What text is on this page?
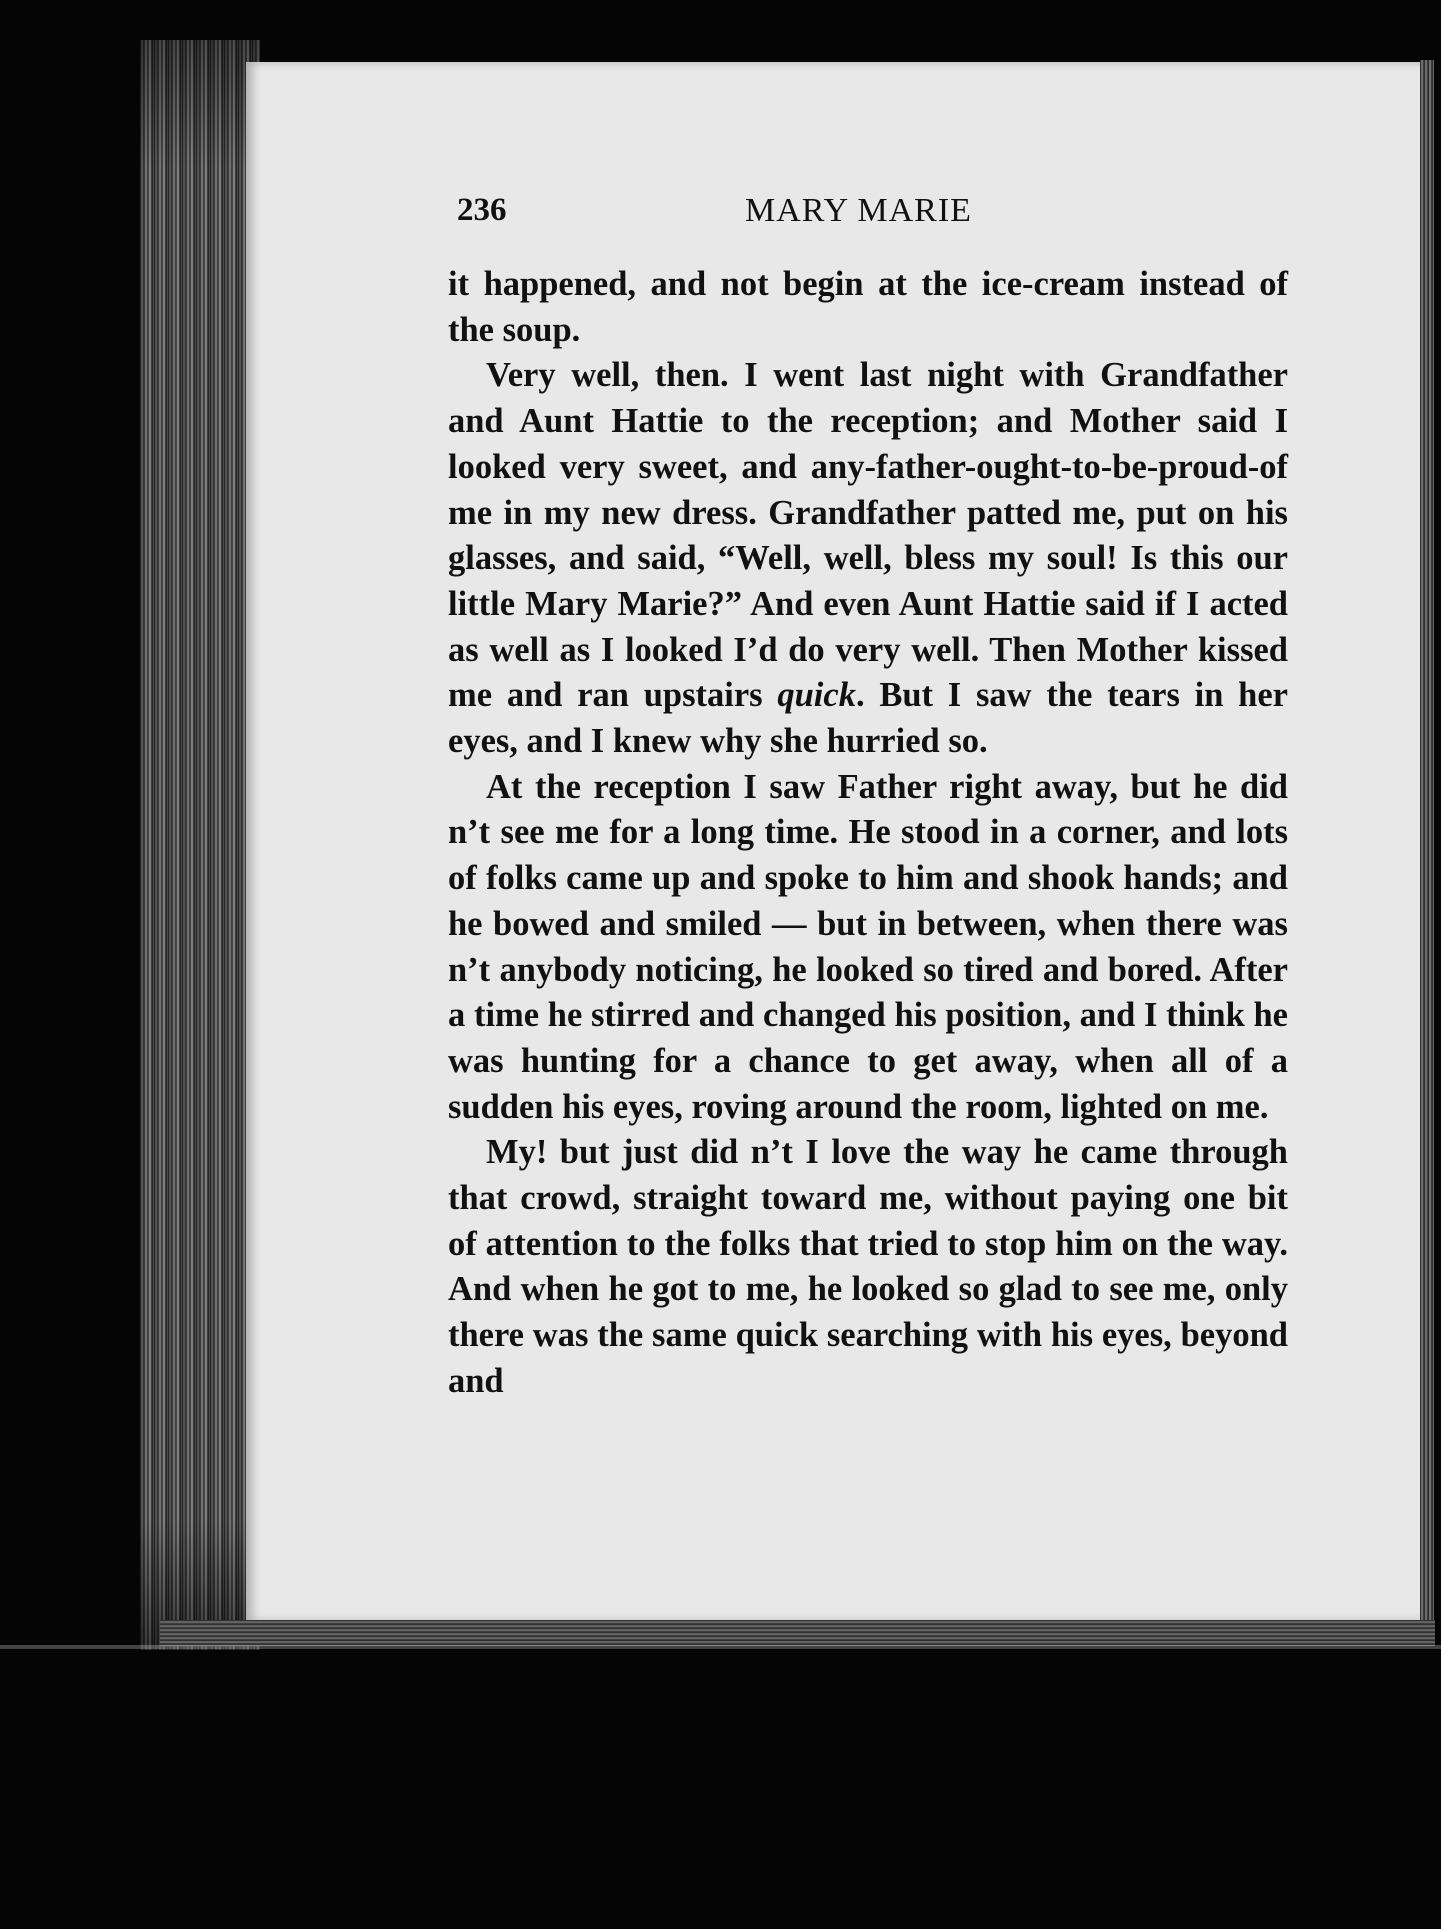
236	MARY MARIE

it happened, and not begin at the ice-cream instead of the soup.

Very well, then. I went last night with Grandfather and Aunt Hattie to the reception; and Mother said I looked very sweet, and any-father-ought-to-be-proud-of me in my new dress. Grandfather patted me, put on his glasses, and said, “Well, well, bless my soul! Is this our little Mary Marie?” And even Aunt Hattie said if I acted as well as I looked I’d do very well. Then Mother kissed me and ran upstairs quick. But I saw the tears in her eyes, and I knew why she hurried so.

At the reception I saw Father right away, but he did n’t see me for a long time. He stood in a corner, and lots of folks came up and spoke to him and shook hands; and he bowed and smiled — but in between, when there was n’t anybody noticing, he looked so tired and bored. After a time he stirred and changed his position, and I think he was hunting for a chance to get away, when all of a sudden his eyes, roving around the room, lighted on me.

My! but just did n’t I love the way he came through that crowd, straight toward me, without paying one bit of attention to the folks that tried to stop him on the way. And when he got to me, he looked so glad to see me, only there was the same quick searching with his eyes, beyond and
